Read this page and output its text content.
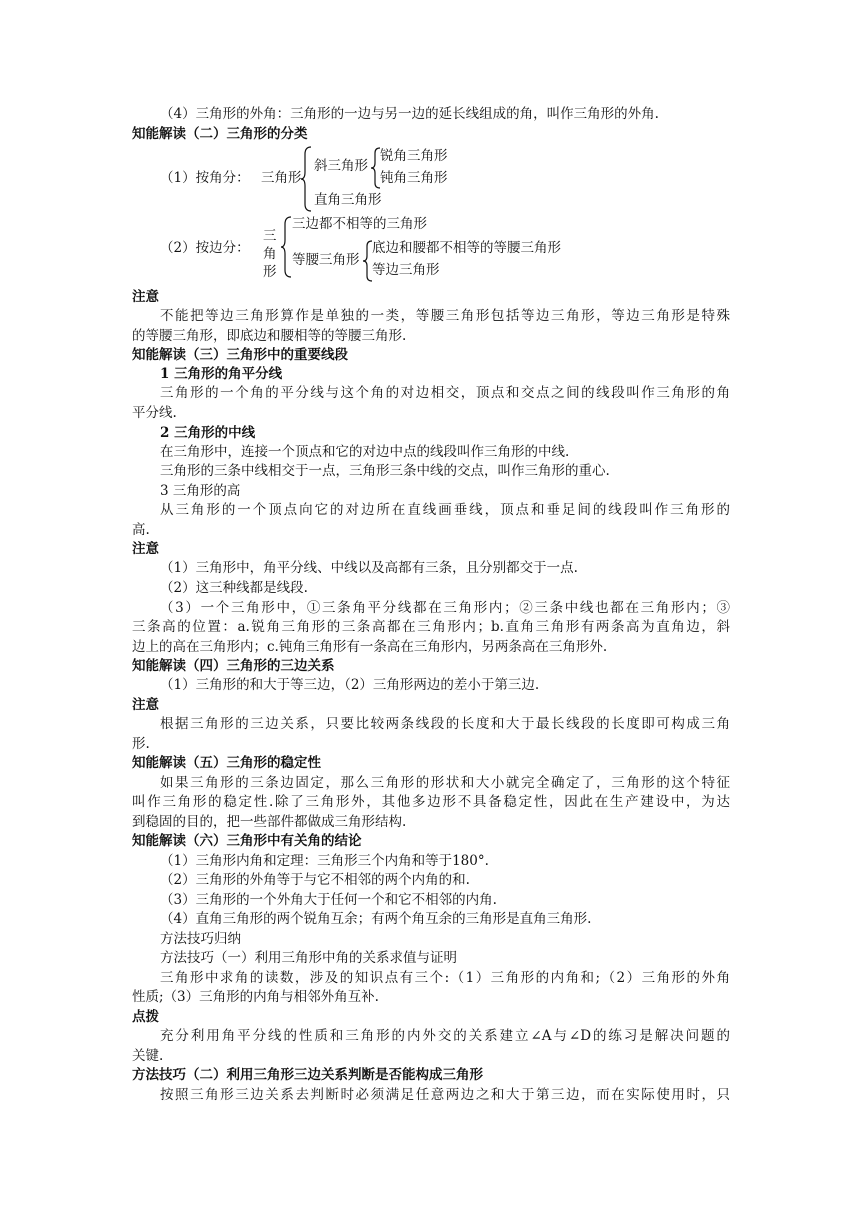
（4）三角形的外角：三角形的一边与另一边的延长线组成的角，叫作三角形的外角.
知能解读（二）三角形的分类
（1）按角分： 三角形
斜三角形
锐角三角形
钝角三角形
直角三角形
（2）按边分：
三
角
形
三边都不相等的三角形
等腰三角形
底边和腰都不相等的等腰三角形
等边三角形
注意
不能把等边三角形算作是单独的一类，等腰三角形包括等边三角形，等边三角形是特殊
的等腰三角形，即底边和腰相等的等腰三角形.
知能解读（三）三角形中的重要线段
1 三角形的角平分线
三角形的一个角的平分线与这个角的对边相交，顶点和交点之间的线段叫作三角形的角
平分线.
2 三角形的中线
在三角形中，连接一个顶点和它的对边中点的线段叫作三角形的中线.
三角形的三条中线相交于一点，三角形三条中线的交点，叫作三角形的重心.
3 三角形的高
从三角形的一个顶点向它的对边所在直线画垂线，顶点和垂足间的线段叫作三角形的
高.
注意
（1）三角形中，角平分线、中线以及高都有三条，且分别都交于一点.
（2）这三种线都是线段.
（3）一个三角形中，①三条角平分线都在三角形内；②三条中线也都在三角形内；③
三条高的位置：a.锐角三角形的三条高都在三角形内；b.直角三角形有两条高为直角边，斜
边上的高在三角形内；c.钝角三角形有一条高在三角形内，另两条高在三角形外.
知能解读（四）三角形的三边关系
（1）三角形的和大于等三边，（2）三角形两边的差小于第三边.
注意
根据三角形的三边关系，只要比较两条线段的长度和大于最长线段的长度即可构成三角
形.
知能解读（五）三角形的稳定性
如果三角形的三条边固定，那么三角形的形状和大小就完全确定了，三角形的这个特征
叫作三角形的稳定性.除了三角形外，其他多边形不具备稳定性，因此在生产建设中，为达
到稳固的目的，把一些部件都做成三角形结构.
知能解读（六）三角形中有关角的结论
（1）三角形内角和定理：三角形三个内角和等于180°.
（2）三角形的外角等于与它不相邻的两个内角的和.
（3）三角形的一个外角大于任何一个和它不相邻的内角.
（4）直角三角形的两个锐角互余；有两个角互余的三角形是直角三角形.
方法技巧归纳
方法技巧（一）利用三角形中角的关系求值与证明
三角形中求角的读数，涉及的知识点有三个:（1）三角形的内角和;（2）三角形的外角
性质;（3）三角形的内角与相邻外角互补.
点拨
充分利用角平分线的性质和三角形的内外交的关系建立∠A与∠D的练习是解决问题的
关键.
方法技巧（二）利用三角形三边关系判断是否能构成三角形
按照三角形三边关系去判断时必须满足任意两边之和大于第三边，而在实际使用时，只
